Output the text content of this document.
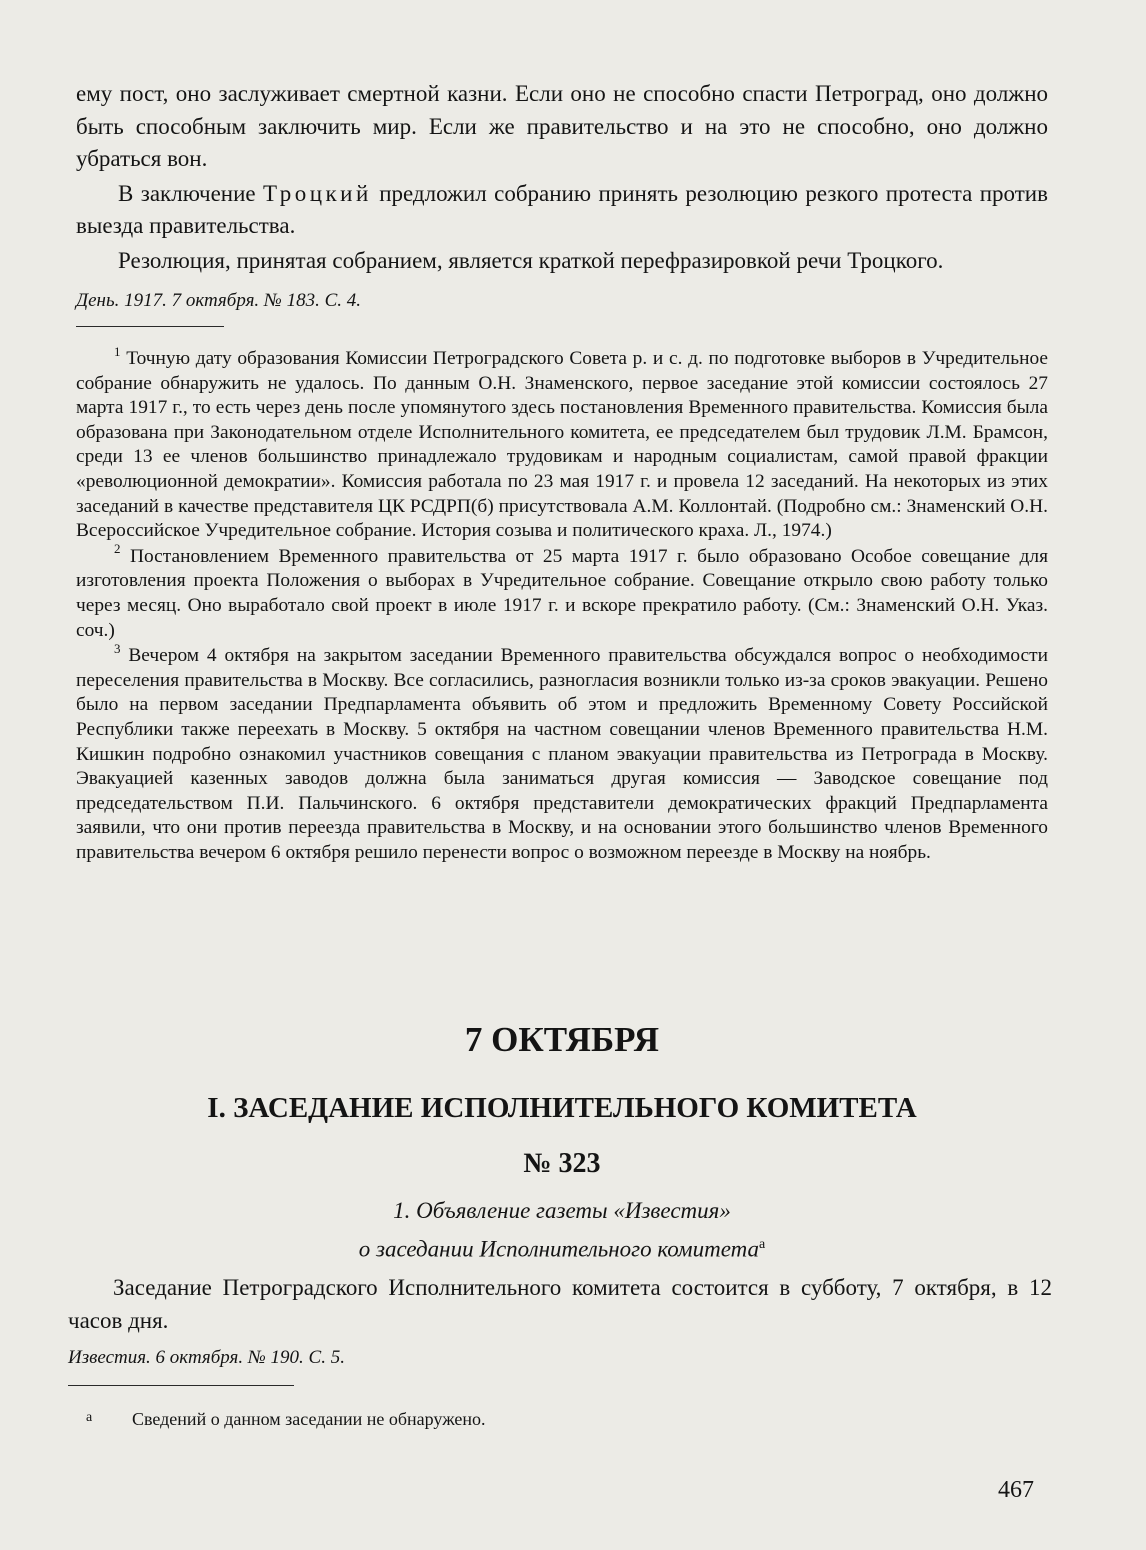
ему пост, оно заслуживает смертной казни. Если оно не способно спасти Петроград, оно должно быть способным заключить мир. Если же правительство и на это не способно, оно должно убраться вон.

В заключение Троцкий предложил собранию принять резолюцию резкого протеста против выезда правительства.

Резолюция, принятая собранием, является краткой перефразировкой речи Троцкого.

День. 1917. 7 октября. № 183. С. 4.

$^1$ Точную дату образования Комиссии Петроградского Совета р. и с. д. по подготовке выборов в Учредительное собрание обнаружить не удалось. По данным О.Н. Знаменского, первое заседание этой комиссии состоялось 27 марта 1917 г., то есть через день после упомянутого здесь постановления Временного правительства. Комиссия была образована при Законодательном отделе Исполнительного комитета, ее председателем был трудовик Л.М. Брамсон, среди 13 ее членов большинство принадлежало трудовикам и народным социалистам, самой правой фракции «революционной демократии». Комиссия работала по 23 мая 1917 г. и провела 12 заседаний. На некоторых из этих заседаний в качестве представителя ЦК РСДРП(б) присутствовала А.М. Коллонтай. (Подробно см.: Знаменский О.Н. Всероссийское Учредительное собрание. История созыва и политического краха. Л., 1974.)

$^2$ Постановлением Временного правительства от 25 марта 1917 г. было образовано Особое совещание для изготовления проекта Положения о выборах в Учредительное собрание. Совещание открыло свою работу только через месяц. Оно выработало свой проект в июле 1917 г. и вскоре прекратило работу. (См.: Знаменский О.Н. Указ. соч.)

$^3$ Вечером 4 октября на закрытом заседании Временного правительства обсуждался вопрос о необходимости переселения правительства в Москву. Все согласились, разногласия возникли только из-за сроков эвакуации. Решено было на первом заседании Предпарламента объявить об этом и предложить Временному Совету Российской Республики также переехать в Москву. 5 октября на частном совещании членов Временного правительства Н.М. Кишкин подробно ознакомил участников совещания с планом эвакуации правительства из Петрограда в Москву. Эвакуацией казенных заводов должна была заниматься другая комиссия — Заводское совещание под председательством П.И. Пальчинского. 6 октября представители демократических фракций Предпарламента заявили, что они против переезда правительства в Москву, и на основании этого большинство членов Временного правительства вечером 6 октября решило перенести вопрос о возможном переезде в Москву на ноябрь.

7 ОКТЯБРЯ
I. ЗАСЕДАНИЕ ИСПОЛНИТЕЛЬНОГО КОМИТЕТА
№ 323
1. Объявление газеты «Известия»
о заседании Исполнительного комитета$^а$

Заседание Петроградского Исполнительного комитета состоится в субботу, 7 октября, в 12 часов дня.

Известия. 6 октября. № 190. С. 5.
а Сведений о данном заседании не обнаружено.
467
